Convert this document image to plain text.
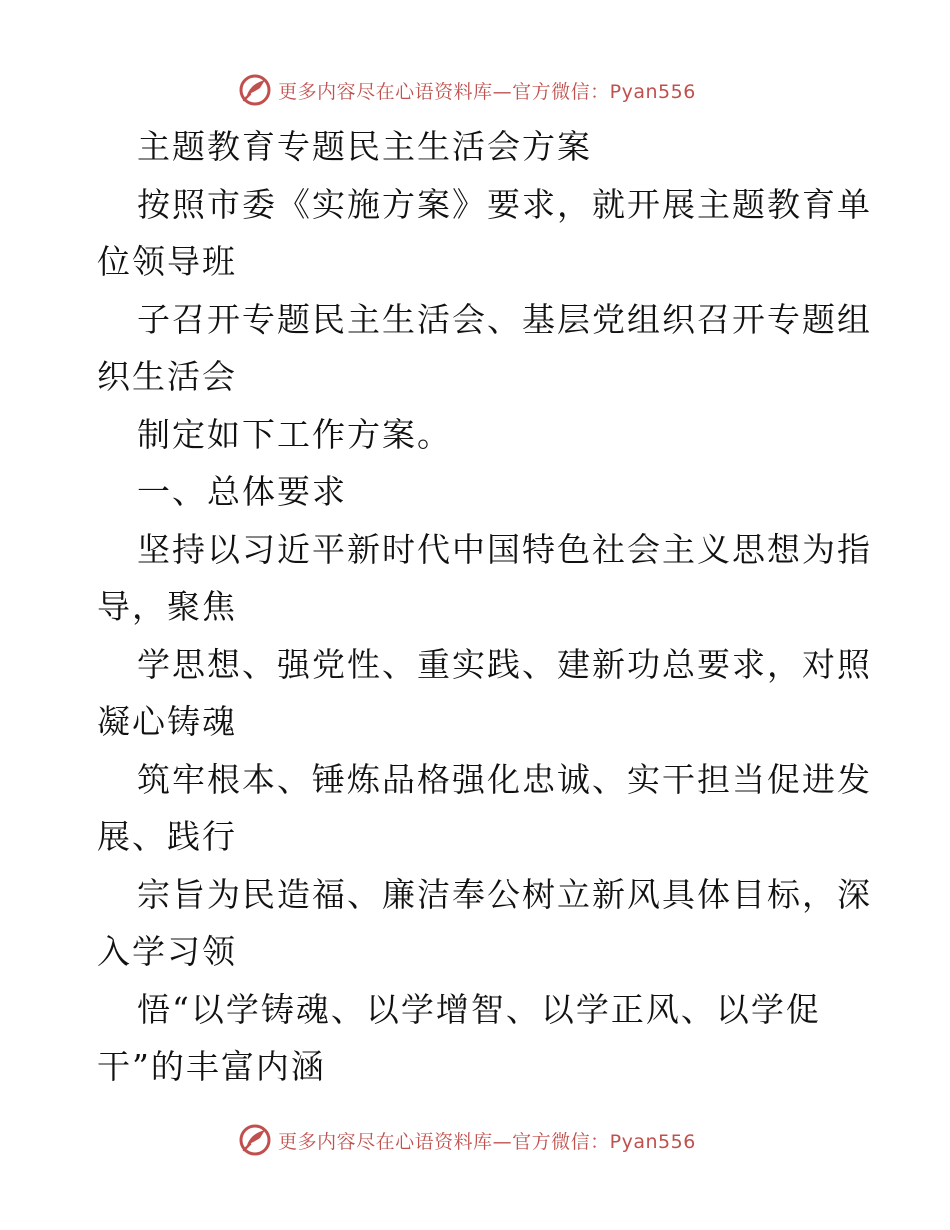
更多内容尽在心语资料库—官方微信：Pyan556
主题教育专题民主生活会方案
按照市委《实施方案》要求，就开展主题教育单
位领导班
子召开专题民主生活会、基层党组织召开专题组
织生活会
制定如下工作方案。
一、总体要求
坚持以习近平新时代中国特色社会主义思想为指
导，聚焦
学思想、强党性、重实践、建新功总要求，对照
凝心铸魂
筑牢根本、锤炼品格强化忠诚、实干担当促进发
展、践行
宗旨为民造福、廉洁奉公树立新风具体目标，深
入学习领
悟“以学铸魂、以学增智、以学正风、以学促
干”的丰富内涵
更多内容尽在心语资料库—官方微信：Pyan556
